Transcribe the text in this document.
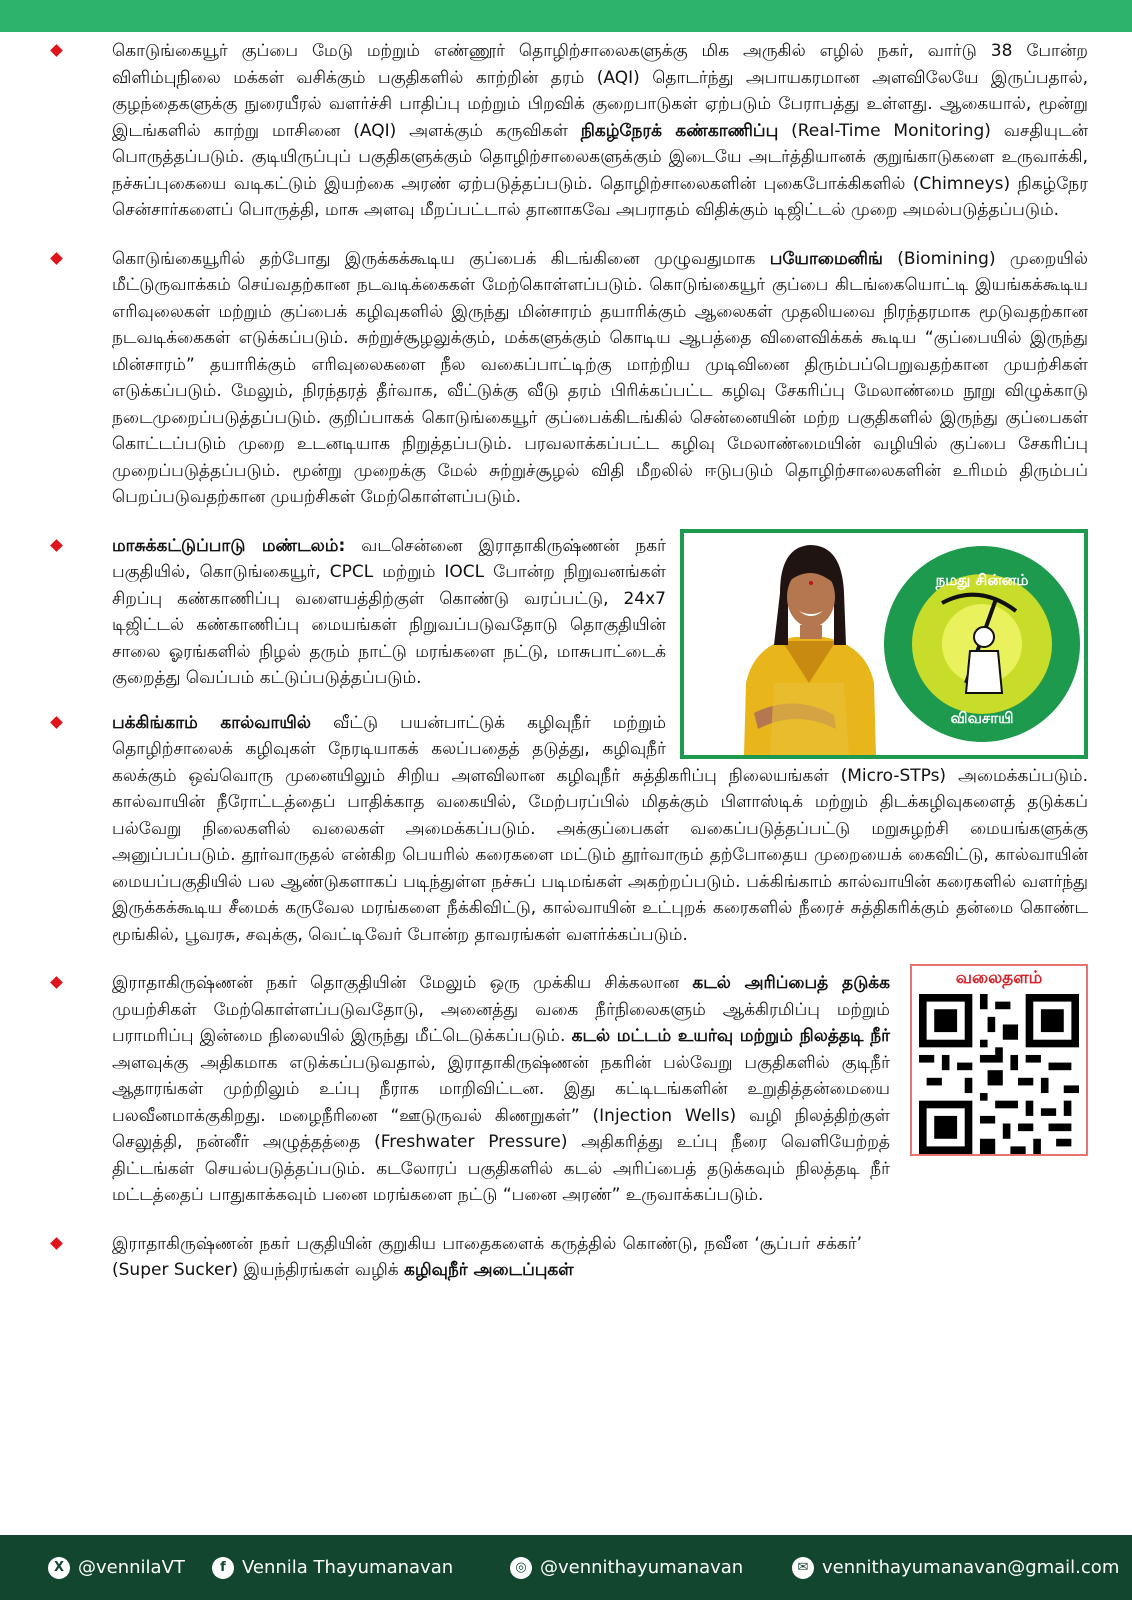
கொடுங்கையூர் குப்பை மேடு மற்றும் எண்ணூர் தொழிற்சாலைகளுக்கு மிக அருகில் எழில் நகர், வார்டு 38 போன்ற விளிம்புநிலை மக்கள் வசிக்கும் பகுதிகளில் காற்றின் தரம் (AQI) தொடர்ந்து அபாயகரமான அளவிலேயே இருப்பதால், குழந்தைகளுக்கு நுரையீரல் வளர்ச்சி பாதிப்பு மற்றும் பிறவிக் குறைபாடுகள் ஏற்படும் பேராபத்து உள்ளது. ஆகையால், மூன்று இடங்களில் காற்று மாசினை (AQI) அளக்கும் கருவிகள் நிகழ்நேரக் கண்காணிப்பு (Real-Time Monitoring) வசதியுடன் பொருத்தப்படும். குடியிருப்புப் பகுதிகளுக்கும் தொழிற்சாலைகளுக்கும் இடையே அடர்த்தியானக் குறுங்காடுகளை உருவாக்கி, நச்சுப்புகையை வடிகட்டும் இயற்கை அரண் ஏற்படுத்தப்படும். தொழிற்சாலைகளின் புகைபோக்கிகளில் (Chimneys) நிகழ்நேர சென்சார்களைப் பொருத்தி, மாசு அளவு மீறப்பட்டால் தானாகவே அபராதம் விதிக்கும் டிஜிட்டல் முறை அமல்படுத்தப்படும்.

கொடுங்கையூரில் தற்போது இருக்கக்கூடிய குப்பைக் கிடங்கினை முழுவதுமாக பயோமைனிங் (Biomining) முறையில் மீட்டுருவாக்கம் செய்வதற்கான நடவடிக்கைகள் மேற்கொள்ளப்படும். கொடுங்கையூர் குப்பை கிடங்கையொட்டி இயங்கக்கூடிய எரிவுலைகள் மற்றும் குப்பைக் கழிவுகளில் இருந்து மின்சாரம் தயாரிக்கும் ஆலைகள் முதலியவை நிரந்தரமாக மூடுவதற்கான நடவடிக்கைகள் எடுக்கப்படும். சுற்றுச்சூழலுக்கும், மக்களுக்கும் கொடிய ஆபத்தை விளைவிக்கக் கூடிய “குப்பையில் இருந்து மின்சாரம்” தயாரிக்கும் எரிவுலைகளை நீல வகைப்பாட்டிற்கு மாற்றிய முடிவினை திரும்பப்பெறுவதற்கான முயற்சிகள் எடுக்கப்படும். மேலும், நிரந்தரத் தீர்வாக, வீட்டுக்கு வீடு தரம் பிரிக்கப்பட்ட கழிவு சேகரிப்பு மேலாண்மை நூறு விழுக்காடு நடைமுறைப்படுத்தப்படும். குறிப்பாகக் கொடுங்கையூர் குப்பைக்கிடங்கில் சென்னையின் மற்ற பகுதிகளில் இருந்து குப்பைகள் கொட்டப்படும் முறை உடனடியாக நிறுத்தப்படும். பரவலாக்கப்பட்ட கழிவு மேலாண்மையின் வழியில் குப்பை சேகரிப்பு முறைப்படுத்தப்படும். மூன்று முறைக்கு மேல் சுற்றுச்சூழல் விதி மீறலில் ஈடுபடும் தொழிற்சாலைகளின் உரிமம் திரும்பப் பெறப்படுவதற்கான முயற்சிகள் மேற்கொள்ளப்படும்.

நமது சின்னம்
விவசாயி

மாசுக்கட்டுப்பாடு மண்டலம்: வடசென்னை இராதாகிருஷ்ணன் நகர் பகுதியில், கொடுங்கையூர், CPCL மற்றும் IOCL போன்ற நிறுவனங்கள் சிறப்பு கண்காணிப்பு வளையத்திற்குள் கொண்டு வரப்பட்டு, 24x7 டிஜிட்டல் கண்காணிப்பு மையங்கள் நிறுவப்படுவதோடு தொகுதியின் சாலை ஓரங்களில் நிழல் தரும் நாட்டு மரங்களை நட்டு, மாசுபாட்டைக் குறைத்து வெப்பம் கட்டுப்படுத்தப்படும்.

பக்கிங்காம் கால்வாயில் வீட்டு பயன்பாட்டுக் கழிவுநீர் மற்றும் தொழிற்சாலைக் கழிவுகள் நேரடியாகக் கலப்பதைத் தடுத்து, கழிவுநீர் கலக்கும் ஒவ்வொரு முனையிலும் சிறிய அளவிலான கழிவுநீர் சுத்திகரிப்பு நிலையங்கள் (Micro-STPs) அமைக்கப்படும். கால்வாயின் நீரோட்டத்தைப் பாதிக்காத வகையில், மேற்பரப்பில் மிதக்கும் பிளாஸ்டிக் மற்றும் திடக்கழிவுகளைத் தடுக்கப் பல்வேறு நிலைகளில் வலைகள் அமைக்கப்படும். அக்குப்பைகள் வகைப்படுத்தப்பட்டு மறுசுழற்சி மையங்களுக்கு அனுப்பப்படும். தூர்வாருதல் என்கிற பெயரில் கரைகளை மட்டும் தூர்வாரும் தற்போதைய முறையைக் கைவிட்டு, கால்வாயின் மையப்பகுதியில் பல ஆண்டுகளாகப் படிந்துள்ள நச்சுப் படிமங்கள் அகற்றப்படும். பக்கிங்காம் கால்வாயின் கரைகளில் வளர்ந்து இருக்கக்கூடிய சீமைக் கருவேல மரங்களை நீக்கிவிட்டு, கால்வாயின் உட்புறக் கரைகளில் நீரைச் சுத்திகரிக்கும் தன்மை கொண்ட மூங்கில், பூவரசு, சவுக்கு, வெட்டிவேர் போன்ற தாவரங்கள் வளர்க்கப்படும்.

வலைதளம்

இராதாகிருஷ்ணன் நகர் தொகுதியின் மேலும் ஒரு முக்கிய சிக்கலான கடல் அரிப்பைத் தடுக்க முயற்சிகள் மேற்கொள்ளப்படுவதோடு, அனைத்து வகை நீர்நிலைகளும் ஆக்கிரமிப்பு மற்றும் பராமரிப்பு இன்மை நிலையில் இருந்து மீட்டெடுக்கப்படும். கடல் மட்டம் உயர்வு மற்றும் நிலத்தடி நீர் அளவுக்கு அதிகமாக எடுக்கப்படுவதால், இராதாகிருஷ்ணன் நகரின் பல்வேறு பகுதிகளில் குடிநீர் ஆதாரங்கள் முற்றிலும் உப்பு நீராக மாறிவிட்டன. இது கட்டிடங்களின் உறுதித்தன்மையை பலவீனமாக்குகிறது. மழைநீரினை “ஊடுருவல் கிணறுகள்” (Injection Wells) வழி நிலத்திற்குள் செலுத்தி, நன்னீர் அழுத்தத்தை (Freshwater Pressure) அதிகரித்து உப்பு நீரை வெளியேற்றத் திட்டங்கள் செயல்படுத்தப்படும். கடலோரப் பகுதிகளில் கடல் அரிப்பைத் தடுக்கவும் நிலத்தடி நீர் மட்டத்தைப் பாதுகாக்கவும் பனை மரங்களை நட்டு “பனை அரண்” உருவாக்கப்படும்.

இராதாகிருஷ்ணன் நகர் பகுதியின் குறுகிய பாதைகளைக் கருத்தில் கொண்டு, நவீன ‘சூப்பர் சக்கர்’ (Super Sucker) இயந்திரங்கள் வழிக் கழிவுநீர் அடைப்புகள்

X @vennilaVT	f Vennila Thayumanavan	◎ @vennithayumanavan	✉ vennithayumanavan@gmail.com
